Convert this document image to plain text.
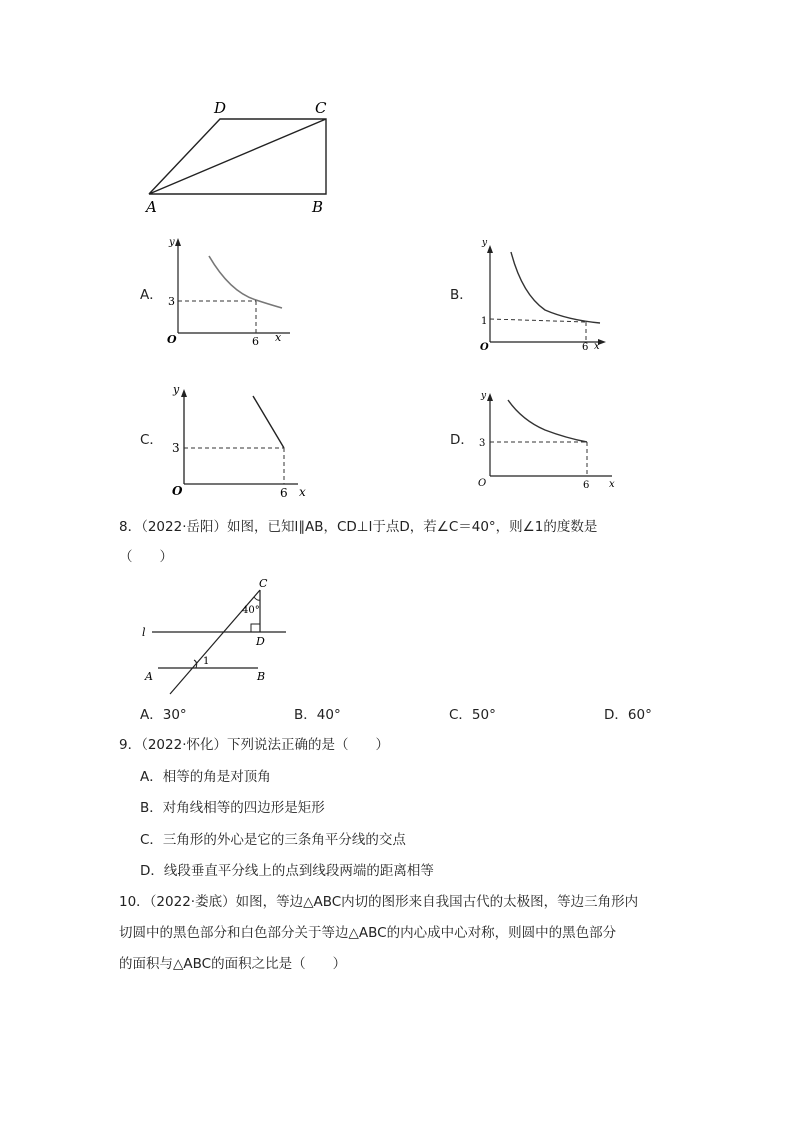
D	C
A	B
A．
y
3
O	6 x
B．
y
1
O	6 x
C．
y
3
O	6 x
D．
y
3
O	6 x
8．（2022·岳阳）如图，已知l∥AB，CD⊥l于点D，若∠C＝40°，则∠1的度数是
（　　）
C
40°
D
l
1
A	B
A．30°	B．40°	C．50°	D．60°
9．（2022·怀化）下列说法正确的是（　　）
A．相等的角是对顶角
B．对角线相等的四边形是矩形
C．三角形的外心是它的三条角平分线的交点
D．线段垂直平分线上的点到线段两端的距离相等
10．（2022·娄底）如图，等边△ABC内切的图形来自我国古代的太极图，等边三角形内
切圆中的黑色部分和白色部分关于等边△ABC的内心成中心对称，则圆中的黑色部分
的面积与△ABC的面积之比是（　　）
